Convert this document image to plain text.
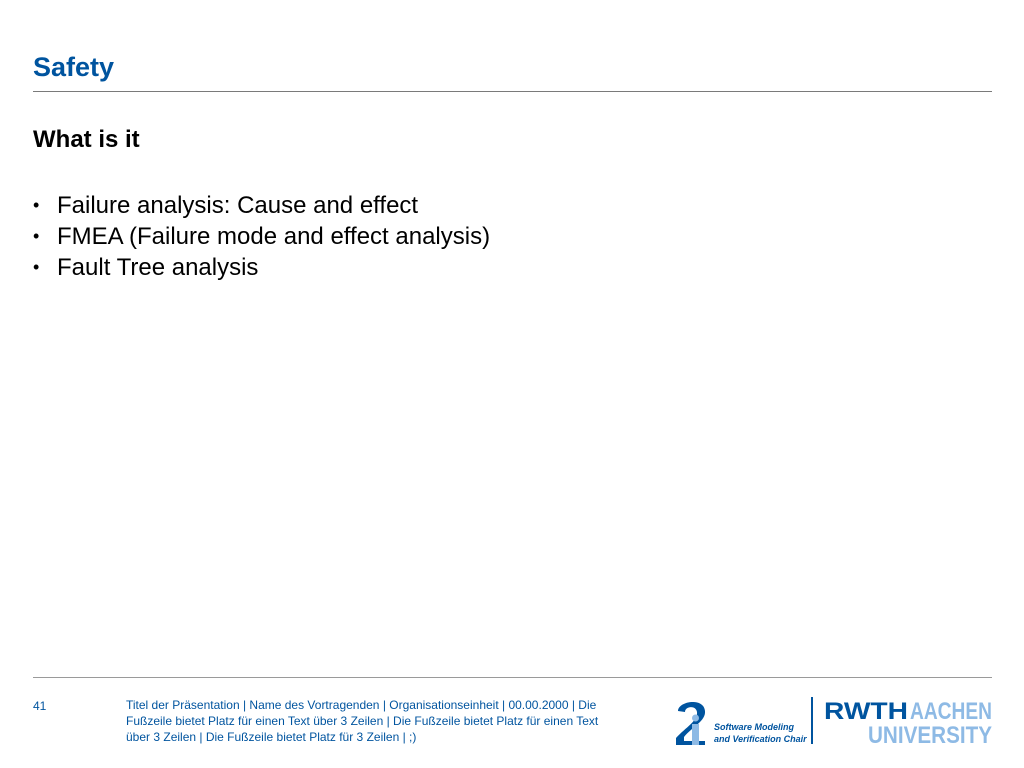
Safety
What is it
• Failure analysis: Cause and effect
• FMEA (Failure mode and effect analysis)
• Fault Tree analysis
41	Titel der Präsentation | Name des Vortragenden | Organisationseinheit | 00.00.2000 | Die Fußzeile bietet Platz für einen Text über 3 Zeilen | Die Fußzeile bietet Platz für einen Text über 3 Zeilen | Die Fußzeile bietet Platz für 3 Zeilen | ;)
Software Modeling
and Verification Chair
RWTH AACHEN
UNIVERSITY
